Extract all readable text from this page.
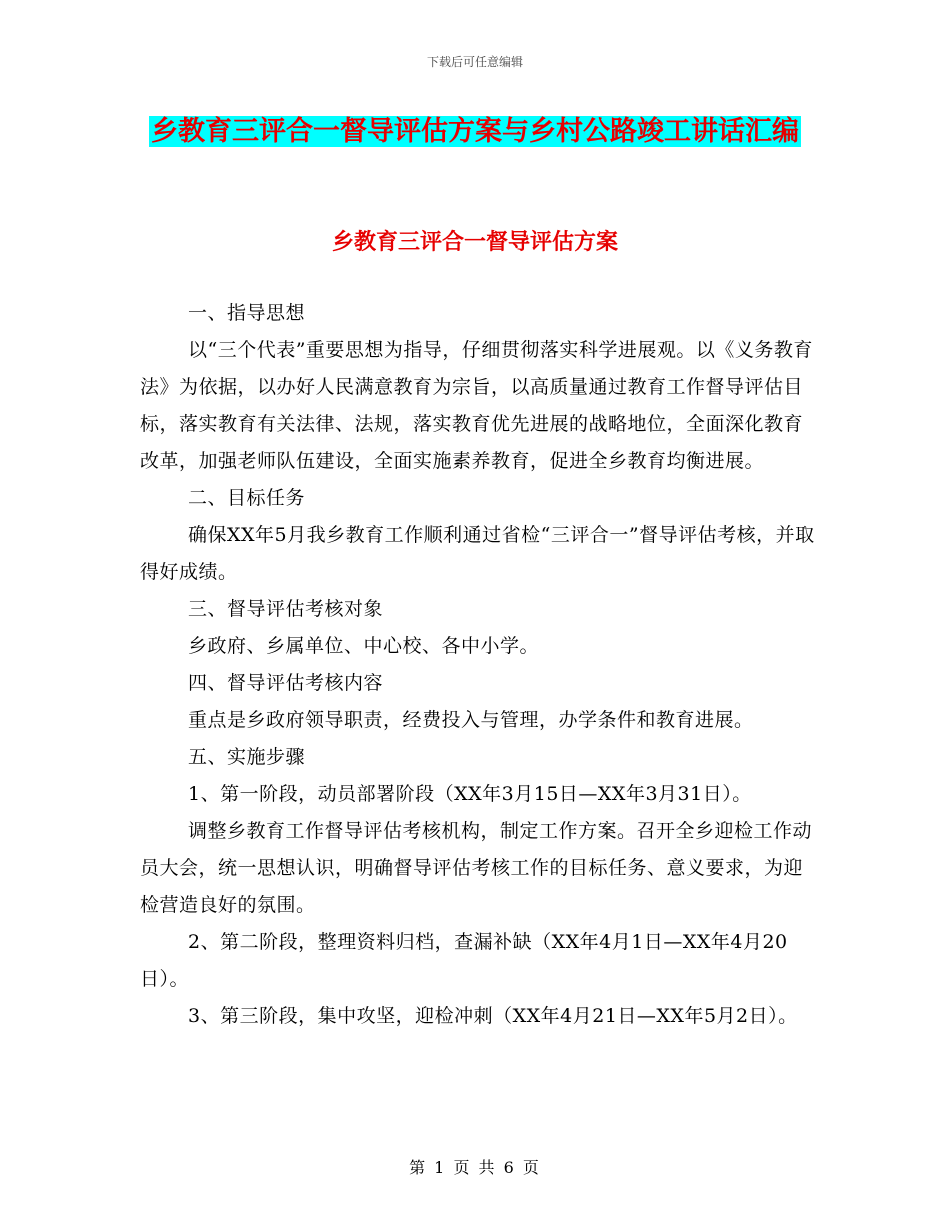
下载后可任意编辑
乡教育三评合一督导评估方案与乡村公路竣工讲话汇编
乡教育三评合一督导评估方案

一、指导思想

以“三个代表”重要思想为指导，仔细贯彻落实科学进展观。以《义务教育法》为依据，以办好人民满意教育为宗旨，以高质量通过教育工作督导评估目标，落实教育有关法律、法规，落实教育优先进展的战略地位，全面深化教育改革，加强老师队伍建设，全面实施素养教育，促进全乡教育均衡进展。

二、目标任务

确保XX年5月我乡教育工作顺利通过省检“三评合一”督导评估考核，并取得好成绩。

三、督导评估考核对象

乡政府、乡属单位、中心校、各中小学。

四、督导评估考核内容

重点是乡政府领导职责，经费投入与管理，办学条件和教育进展。

五、实施步骤

1、第一阶段，动员部署阶段（XX年3月15日—XX年3月31日）。

调整乡教育工作督导评估考核机构，制定工作方案。召开全乡迎检工作动员大会，统一思想认识，明确督导评估考核工作的目标任务、意义要求，为迎检营造良好的氛围。

2、第二阶段，整理资料归档，查漏补缺（XX年4月1日—XX年4月20日）。

3、第三阶段，集中攻坚，迎检冲刺（XX年4月21日—XX年5月2日）。

第 1 页 共 6 页
